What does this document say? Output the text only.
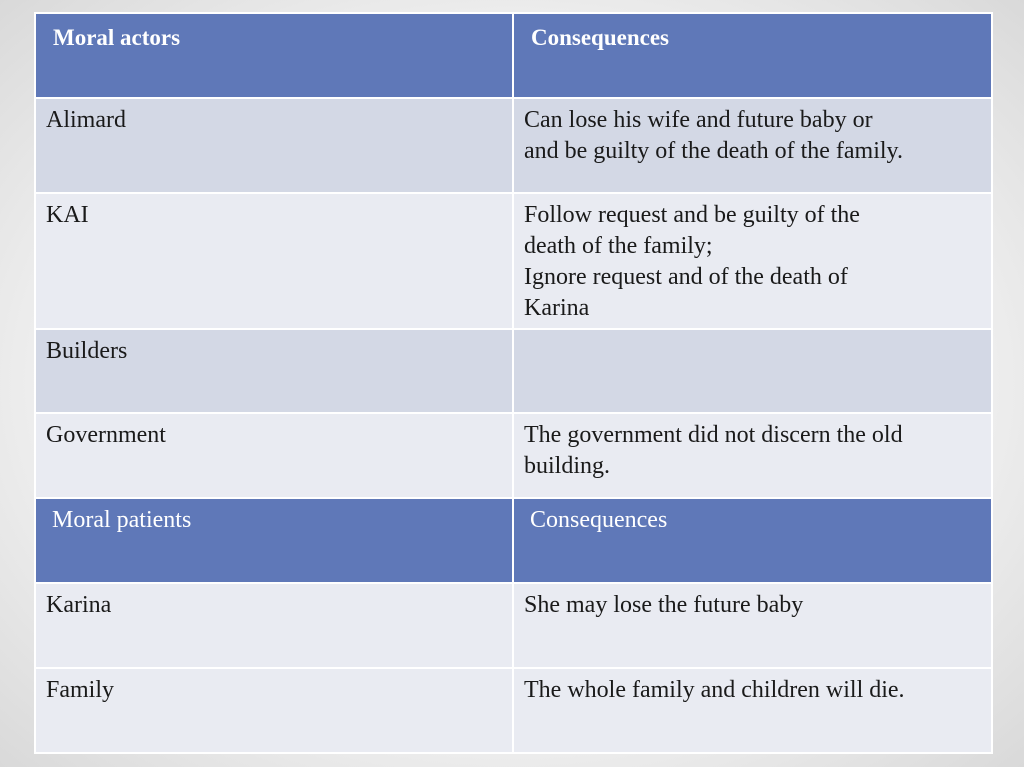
Moral actors	Consequences
Alimard	Can lose his wife and future baby or
and be guilty of the death of the family.

KAI	Follow request and be guilty of the
death of the family;
Ignore request and of the death of
Karina

Builders	
Government	The government did not discern the old
building.

Moral patients	Consequences
Karina	She may lose the future baby

Family	The whole family and children will die.
